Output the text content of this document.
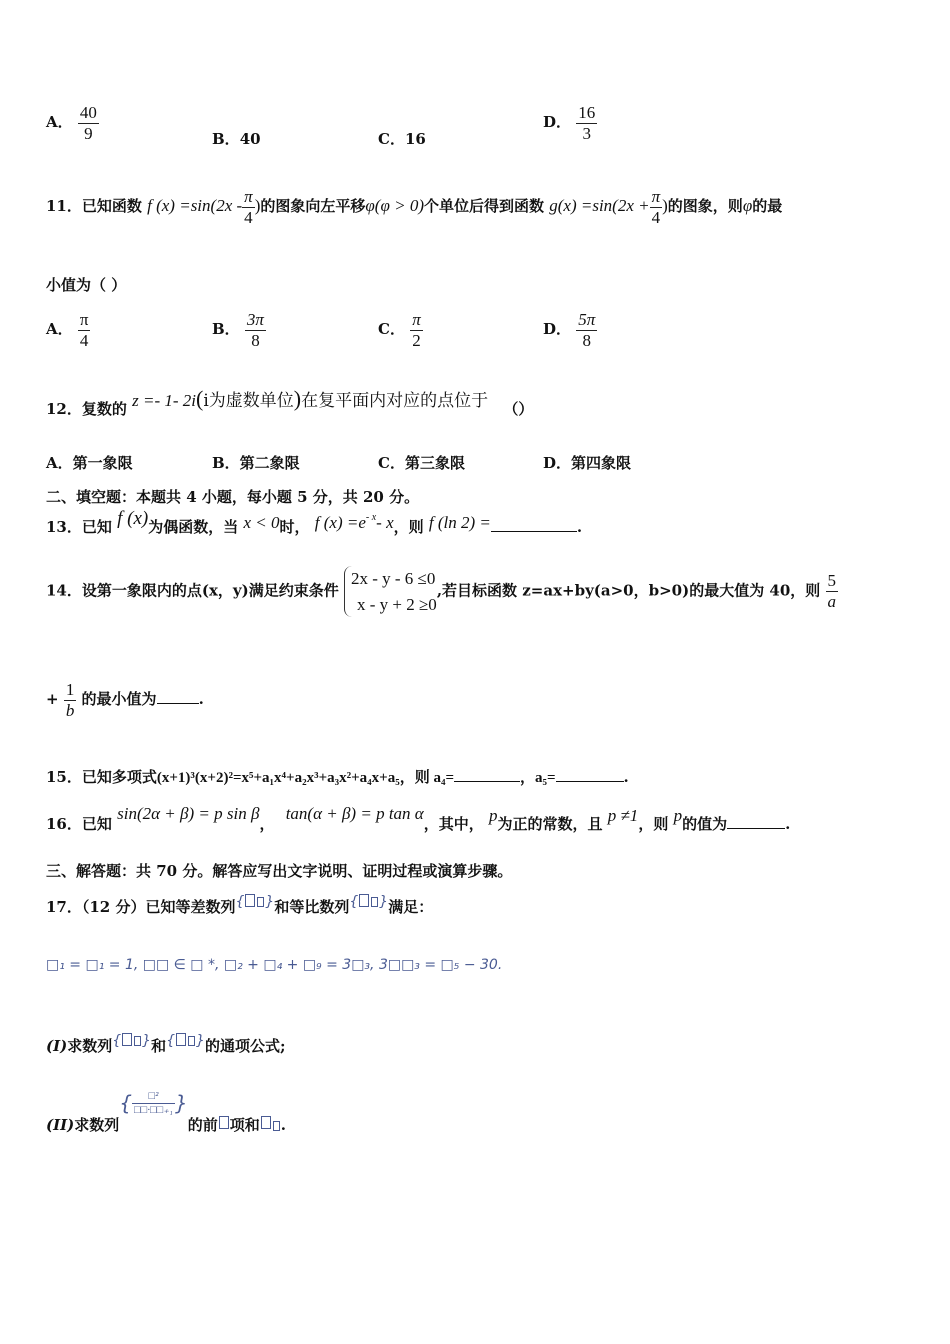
A． $\frac{40}{9}$	B．40	C．16
D． $\frac{16}{3}$
11．已知函数 f $(x) =\sin(2x - \frac{\pi}{4}$ )的图象向左平移φ(φ > 0)个单位后得到函数 $g(x) =\sin(2x + \frac{\pi}{4}$ )的图象，则φ的最
小值为（ ）
A． $\frac{\pi}{4}$	B． $\frac{3\pi}{8}$	C． $\frac{\pi}{2}$	D． $\frac{5\pi}{8}$
12．复数的 z =- 1- 2i(i为虚数单位)在复平面内对应的点位于 （）
A．第一象限	B．第二象限	C．第三象限	D．第四象限
二、填空题：本题共 4 小题，每小题 5 分，共 20 分。
13．已知 f (x)为偶函数，当 x < 0时， f $(x) =e^{- x}-$ x，则 f (ln 2) =	.
14．设第一象限内的点(x，y)满足约束条件
2x - y - 6 ≤0
x - y + 2 ≥0
,若目标函数 z=ax+by(a>0，b>0)的最大值为 40，则 $\frac{5}{a}$
+ $\frac{1}{b}$ 的最小值为	.
15．已知多项式(x+1)³(x+2)²=x⁵+a₁x⁴+a₂x³+a₃x²+a₄x+a₅，则 a₄=	，a₅=	.
16．已知 sin(2α + β) = p sin β， tan(α + β) = p tan α，其中， p为正的常数，且 p ≠1，则 p的值为	.
三、解答题：共 70 分。解答应写出文字说明、证明过程或演算步骤。
17．（12 分）已知等差数列{ }和等比数列{ }满足：
□₁ = □₁ = 1, □□ ∈ □ *, □₂ + □₄ + □₉ = 3□₃, 3□□₃ = □₅ − 30.
(I)求数列{ }和{ }的通项公式;
(II)求数列{ $\frac{\text{□²}}{\text{□□·□□₊₁}}$ }的前 项和 .
